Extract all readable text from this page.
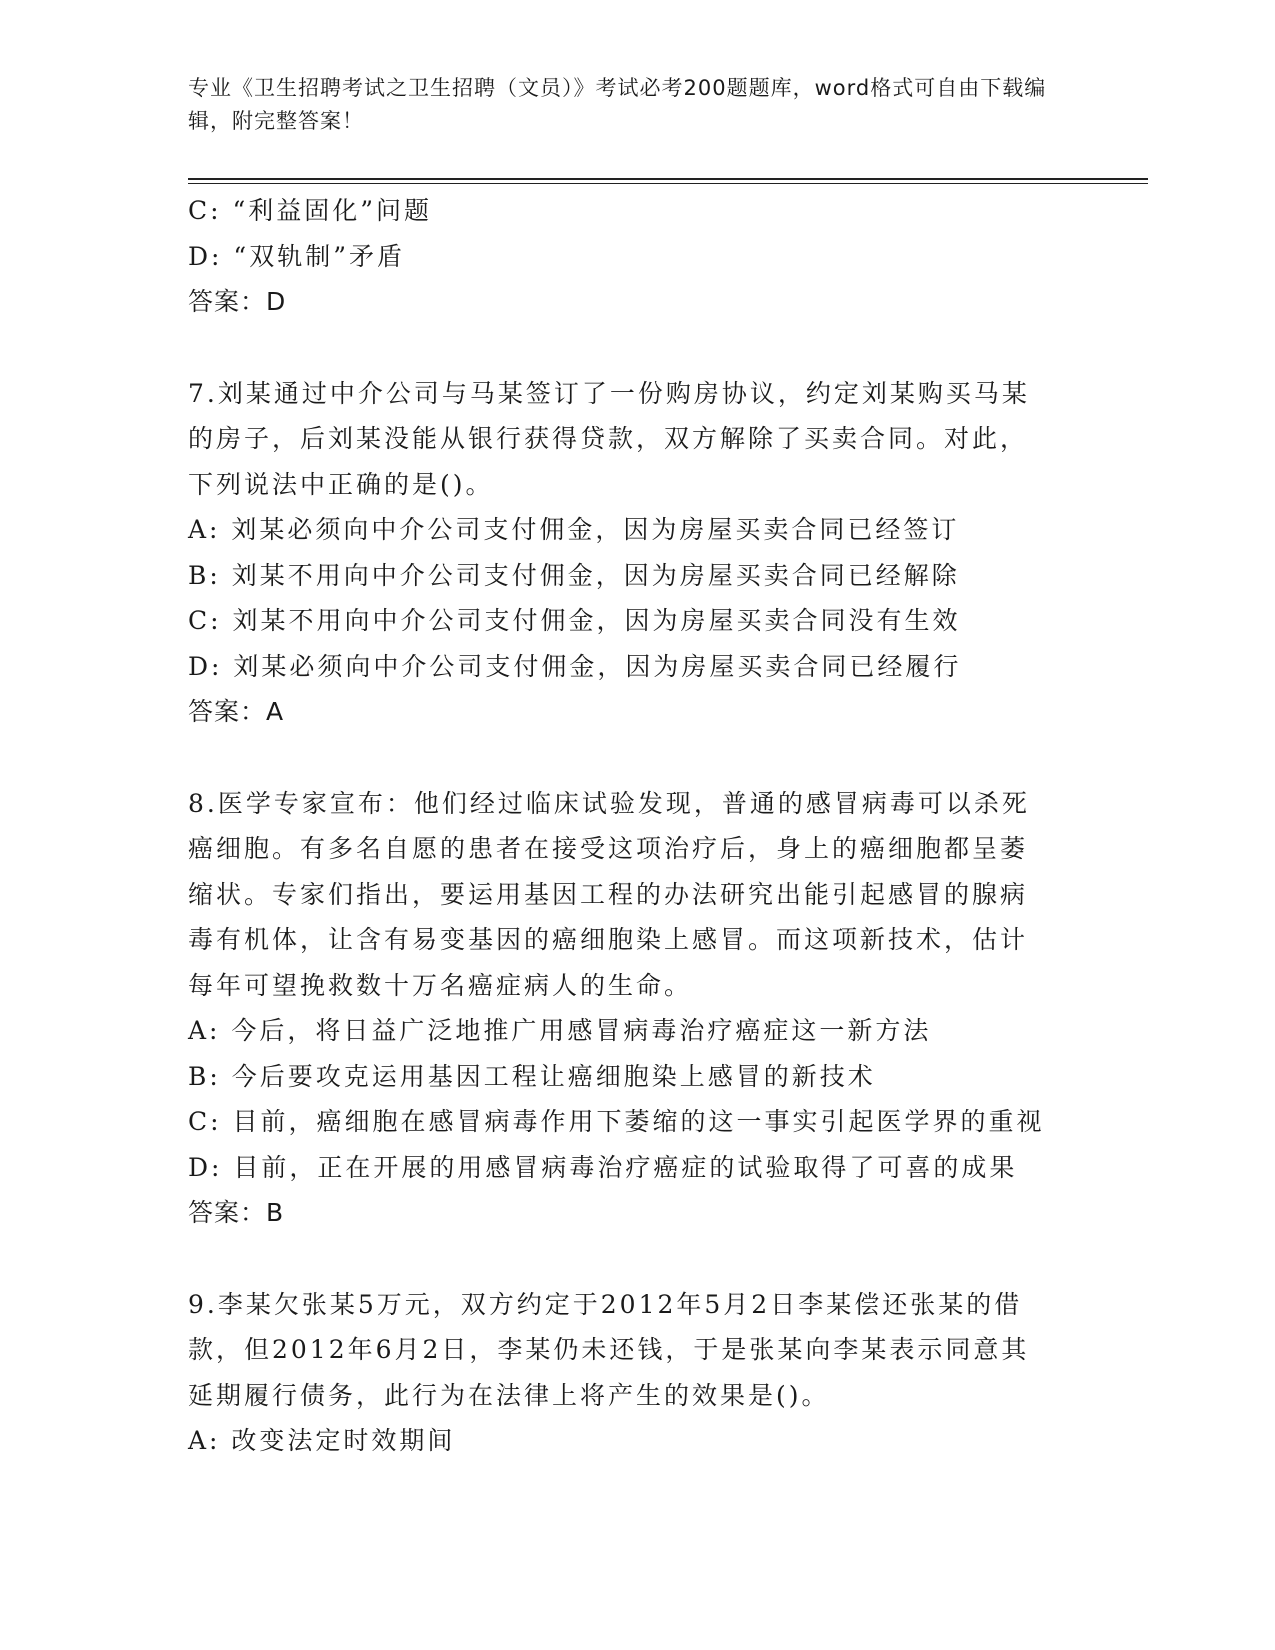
专业《卫生招聘考试之卫生招聘（文员）》考试必考200题题库，word格式可自由下载编辑，附完整答案！
C: “利益固化”问题
D: “双轨制”矛盾
答案：D
7.刘某通过中介公司与马某签订了一份购房协议，约定刘某购买马某
的房子，后刘某没能从银行获得贷款，双方解除了买卖合同。对此，
下列说法中正确的是()。
A: 刘某必须向中介公司支付佣金，因为房屋买卖合同已经签订
B: 刘某不用向中介公司支付佣金，因为房屋买卖合同已经解除
C: 刘某不用向中介公司支付佣金，因为房屋买卖合同没有生效
D: 刘某必须向中介公司支付佣金，因为房屋买卖合同已经履行
答案：A
8.医学专家宣布：他们经过临床试验发现，普通的感冒病毒可以杀死
癌细胞。有多名自愿的患者在接受这项治疗后，身上的癌细胞都呈萎
缩状。专家们指出，要运用基因工程的办法研究出能引起感冒的腺病
毒有机体，让含有易变基因的癌细胞染上感冒。而这项新技术，估计
每年可望挽救数十万名癌症病人的生命。
A: 今后，将日益广泛地推广用感冒病毒治疗癌症这一新方法
B: 今后要攻克运用基因工程让癌细胞染上感冒的新技术
C: 目前，癌细胞在感冒病毒作用下萎缩的这一事实引起医学界的重视
D: 目前，正在开展的用感冒病毒治疗癌症的试验取得了可喜的成果
答案：B
9.李某欠张某5万元，双方约定于2012年5月2日李某偿还张某的借
款，但2012年6月2日，李某仍未还钱，于是张某向李某表示同意其
延期履行债务，此行为在法律上将产生的效果是()。
A: 改变法定时效期间
